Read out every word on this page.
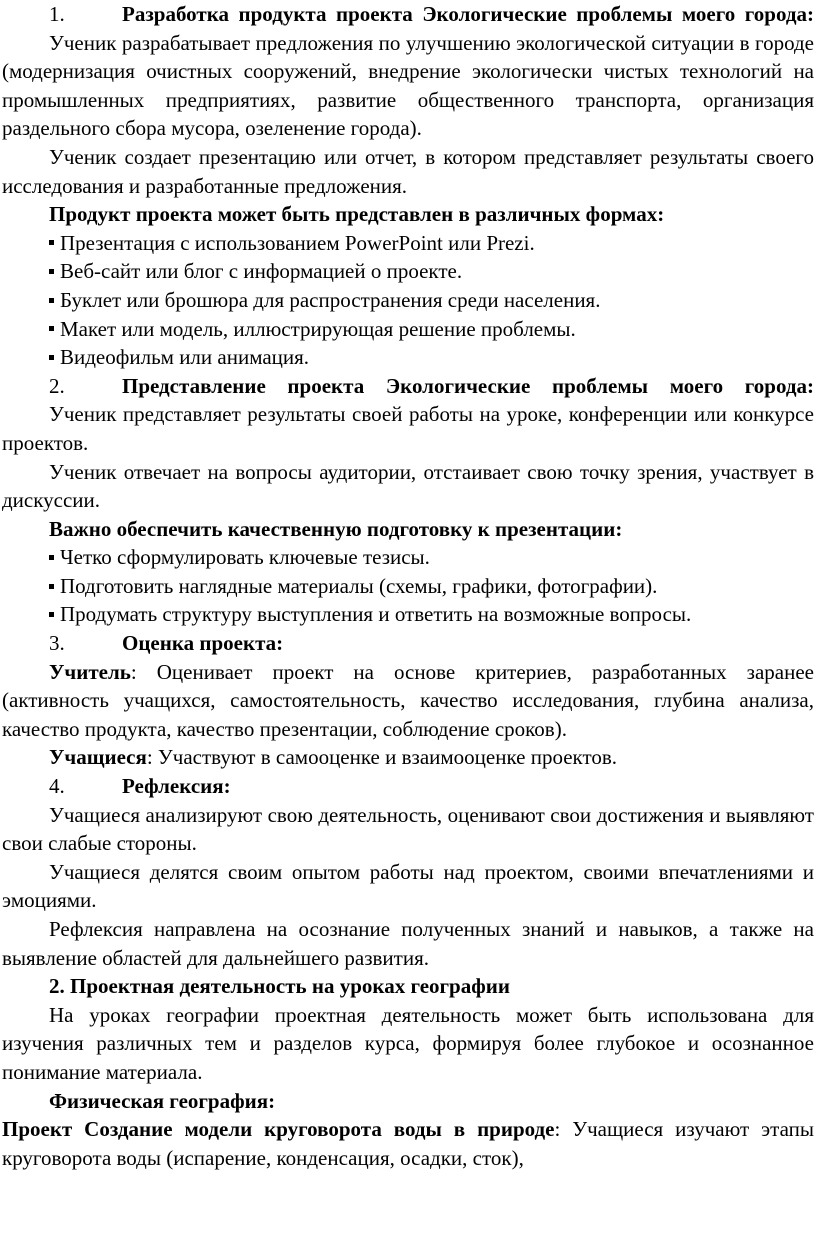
1.	Разработка продукта проекта Экологические проблемы моего города:

Ученик разрабатывает предложения по улучшению экологической ситуации в городе (модернизация очистных сооружений, внедрение экологически чистых технологий на промышленных предприятиях, развитие общественного транспорта, организация раздельного сбора мусора, озеленение города).

Ученик создает презентацию или отчет, в котором представляет результаты своего исследования и разработанные предложения.

Продукт проекта может быть представлен в различных формах:

Презентация с использованием PowerPoint или Prezi.
Веб-сайт или блог с информацией о проекте.
Буклет или брошюра для распространения среди населения.
Макет или модель, иллюстрирующая решение проблемы.
Видеофильм или анимация.

2.	Представление проекта Экологические проблемы моего города:

Ученик представляет результаты своей работы на уроке, конференции или конкурсе проектов.

Ученик отвечает на вопросы аудитории, отстаивает свою точку зрения, участвует в дискуссии.

Важно обеспечить качественную подготовку к презентации:

Четко сформулировать ключевые тезисы.
Подготовить наглядные материалы (схемы, графики, фотографии).
Продумать структуру выступления и ответить на возможные вопросы.

3.	Оценка проекта:

Учитель: Оценивает проект на основе критериев, разработанных заранее (активность учащихся, самостоятельность, качество исследования, глубина анализа, качество продукта, качество презентации, соблюдение сроков).

Учащиеся: Участвуют в самооценке и взаимооценке проектов.

4.	Рефлексия:

Учащиеся анализируют свою деятельность, оценивают свои достижения и выявляют свои слабые стороны.

Учащиеся делятся своим опытом работы над проектом, своими впечатлениями и эмоциями.

Рефлексия направлена на осознание полученных знаний и навыков, а также на выявление областей для дальнейшего развития.

2. Проектная деятельность на уроках географии

На уроках географии проектная деятельность может быть использована для изучения различных тем и разделов курса, формируя более глубокое и осознанное понимание материала.

Физическая география:

Проект Создание модели круговорота воды в природе: Учащиеся изучают этапы круговорота воды (испарение, конденсация, осадки, сток),
